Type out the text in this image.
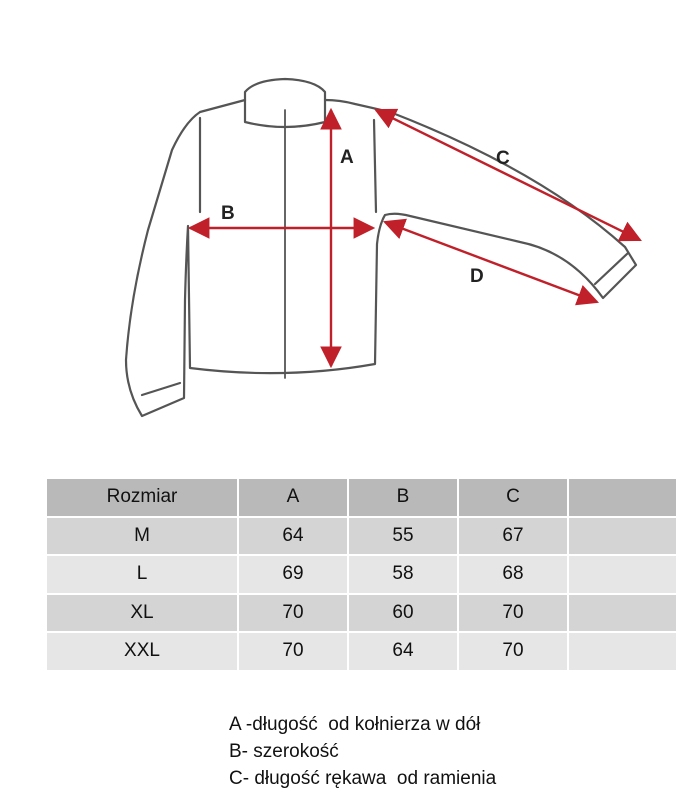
A
B
C
D
Rozmiar	A	B	C	
M	64	55	67	
L	69	58	68	
XL	70	60	70	
XXL	70	64	70	
A -długość  od kołnierza w dół
B- szerokość
C- długość rękawa  od ramienia
